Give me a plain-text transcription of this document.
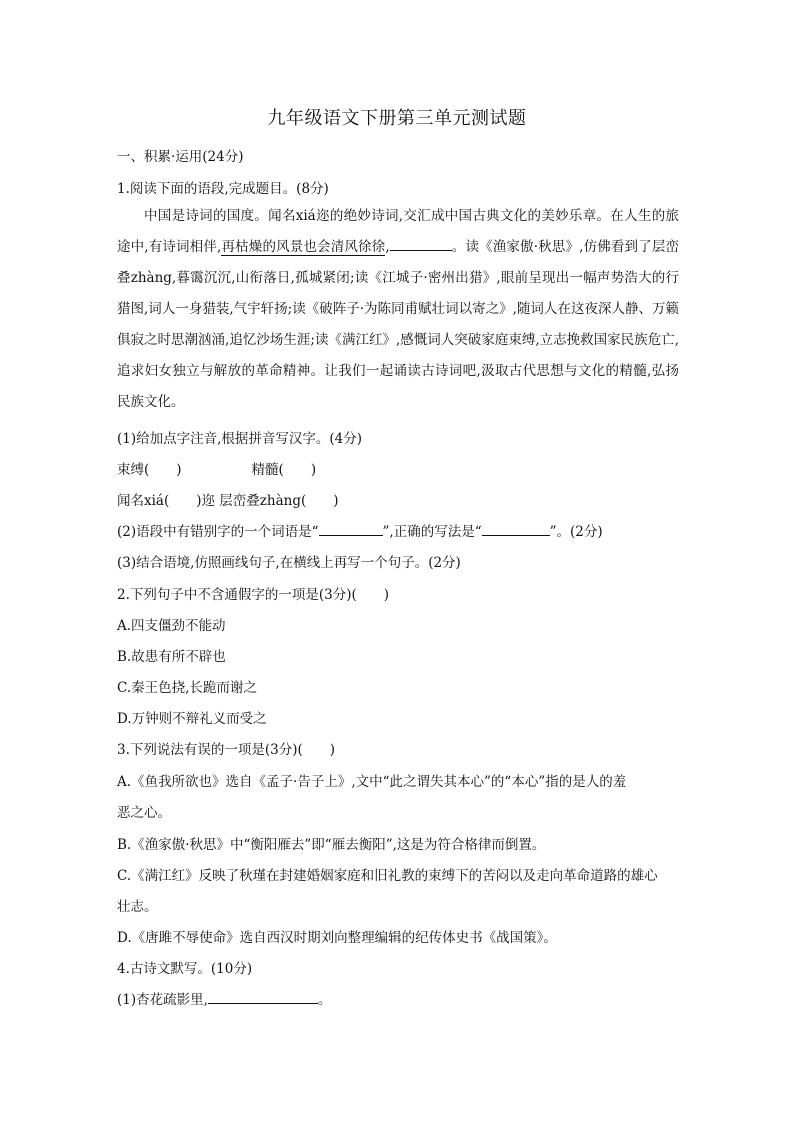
九年级语文下册第三单元测试题
一、积累·运用(24分)
1.阅读下面的语段,完成题目。(8分)
中国是诗词的国度。闻名xiá迩的绝妙诗词,交汇成中国古典文化的美妙乐章。在人生的旅途中,有诗词相伴,再枯燥的风景也会清风徐徐,	。读《渔家傲·秋思》,仿佛看到了层峦叠zhàng,暮霭沉沉,山衔落日,孤城紧闭;读《江城子·密州出猎》,眼前呈现出一幅声势浩大的行猎图,词人一身猎装,气宇轩扬;读《破阵子·为陈同甫赋壮词以寄之》,随词人在这夜深人静、万籁俱寂之时思潮汹涌,追忆沙场生涯;读《满江红》,感慨词人突破家庭束缚,立志挽救国家民族危亡,追求妇女独立与解放的革命精神。让我们一起诵读古诗词吧,汲取古代思想与文化的精髓,弘扬民族文化。
(1)给加点字注音,根据拼音写汉字。(4分)
束缚(　　)	精髓(　　)
闻名xiá(　　)迩 层峦叠zhàng(　　)
(2)语段中有错别字的一个词语是“	”,正确的写法是“	”。(2分)
(3)结合语境,仿照画线句子,在横线上再写一个句子。(2分)
2.下列句子中不含通假字的一项是(3分)(　　)
A.四支僵劲不能动
B.故患有所不辟也
C.秦王色挠,长跪而谢之
D.万钟则不辩礼义而受之
3.下列说法有误的一项是(3分)(　　)
A.《鱼我所欲也》选自《孟子·告子上》,文中“此之谓失其本心”的“本心”指的是人的羞
恶之心。
B.《渔家傲·秋思》中“衡阳雁去”即“雁去衡阳”,这是为符合格律而倒置。
C.《满江红》反映了秋瑾在封建婚姻家庭和旧礼教的束缚下的苦闷以及走向革命道路的雄心
壮志。
D.《唐雎不辱使命》选自西汉时期刘向整理编辑的纪传体史书《战国策》。
4.古诗文默写。(10分)
(1)杏花疏影里,	。
